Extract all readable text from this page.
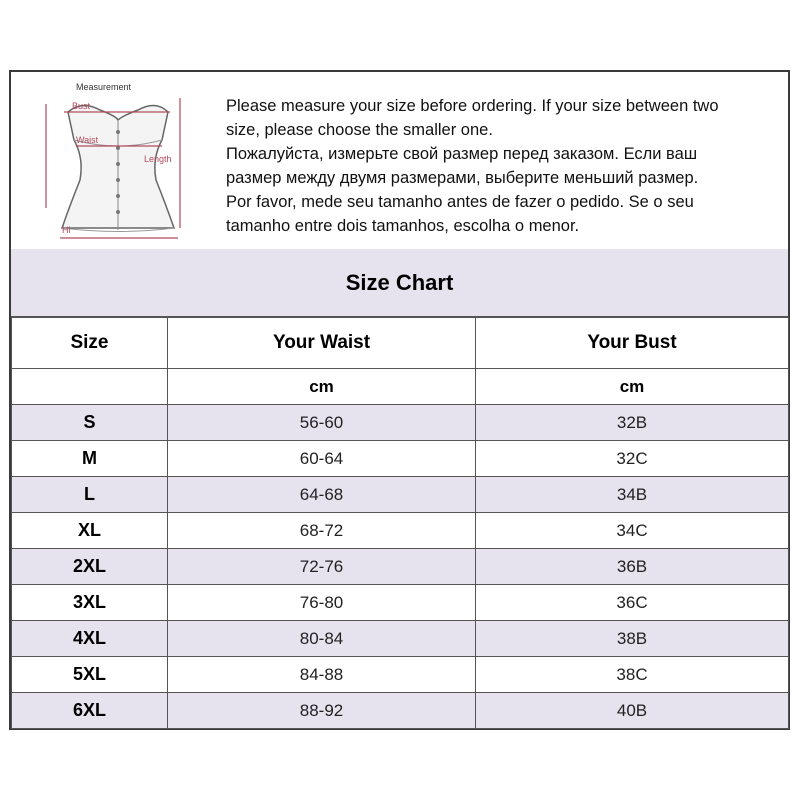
Measurement
Bust
Waist
Length
Hi
Please measure your size before ordering. If your size between two
size, please choose the smaller one.
Пожалуйста, измерьте свой размер перед заказом. Если ваш
размер между двумя размерами, выберите меньший размер.
Por favor, mede seu tamanho antes de fazer o pedido. Se o seu
tamanho entre dois tamanhos, escolha o menor.
Size Chart
Size	Your Waist	Your Bust
	cm	cm
S	56-60	32B
M	60-64	32C
L	64-68	34B
XL	68-72	34C
2XL	72-76	36B
3XL	76-80	36C
4XL	80-84	38B
5XL	84-88	38C
6XL	88-92	40B
